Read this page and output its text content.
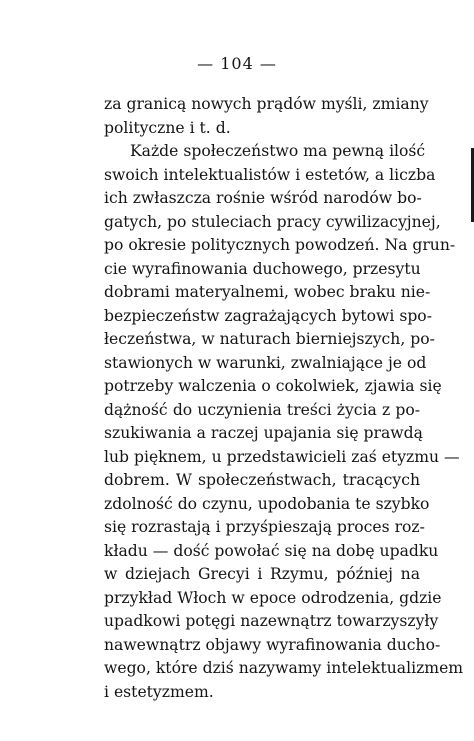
— 104 —
za granicą nowych prądów myśli, zmiany
polityczne i t. d.
Każde społeczeństwo ma pewną ilość
swoich intelektualistów i estetów, a liczba
ich zwłaszcza rośnie wśród narodów bo-
gatych, po stuleciach pracy cywilizacyjnej,
po okresie politycznych powodzeń. Na grun-
cie wyrafinowania duchowego, przesytu
dobrami materyalnemi, wobec braku nie-
bezpieczeństw zagrażających bytowi spo-
łeczeństwa, w naturach bierniejszych, po-
stawionych w warunki, zwalniające je od
potrzeby walczenia o cokolwiek, zjawia się
dążność do uczynienia treści życia z po-
szukiwania a raczej upajania się prawdą
lub pięknem, u przedstawicieli zaś etyzmu —
dobrem. W społeczeństwach, tracących
zdolność do czynu, upodobania te szybko
się rozrastają i przyśpieszają proces roz-
kładu — dość powołać się na dobę upadku
w dziejach Grecyi i Rzymu, później na
przykład Włoch w epoce odrodzenia, gdzie
upadkowi potęgi nazewnątrz towarzyszyły
nawewnątrz objawy wyrafinowania ducho-
wego, które dziś nazywamy intelektualizmem
i estetyzmem.
